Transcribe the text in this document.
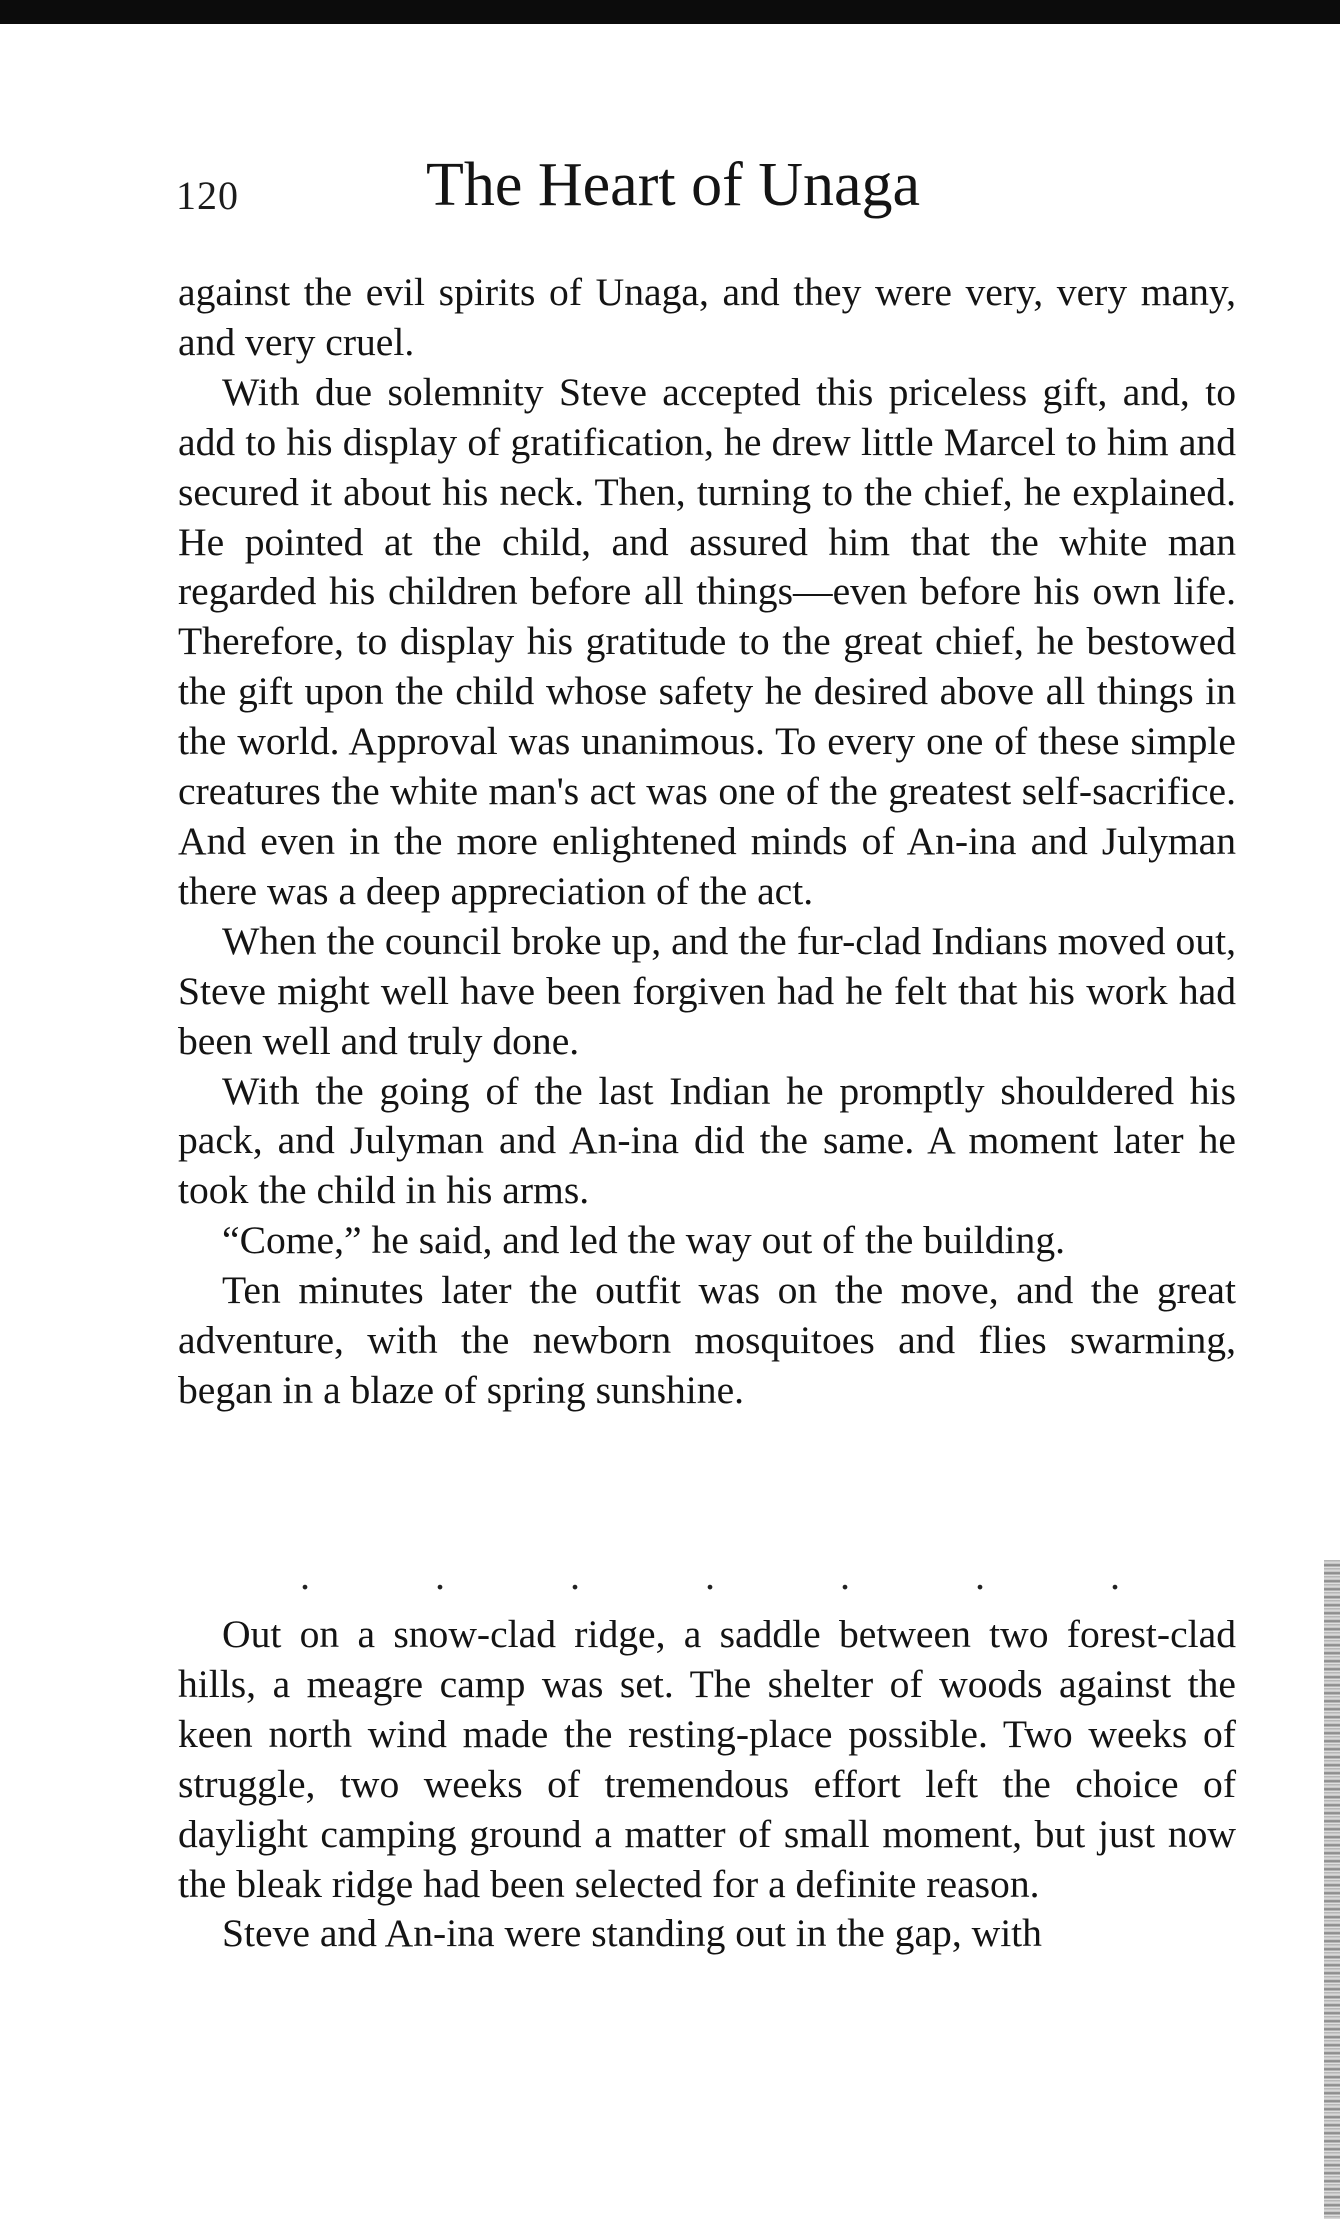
120	The Heart of Unaga

against the evil spirits of Unaga, and they were very, very many, and very cruel.

With due solemnity Steve accepted this priceless gift, and, to add to his display of gratification, he drew little Marcel to him and secured it about his neck. Then, turning to the chief, he explained. He pointed at the child, and assured him that the white man regarded his children before all things—even before his own life. Therefore, to display his gratitude to the great chief, he bestowed the gift upon the child whose safety he desired above all things in the world. Approval was unanimous. To every one of these simple creatures the white man's act was one of the greatest self-sacrifice. And even in the more enlightened minds of An-ina and Julyman there was a deep appreciation of the act.

When the council broke up, and the fur-clad Indians moved out, Steve might well have been forgiven had he felt that his work had been well and truly done.

With the going of the last Indian he promptly shouldered his pack, and Julyman and An-ina did the same. A moment later he took the child in his arms.

“Come,” he said, and led the way out of the building.

Ten minutes later the outfit was on the move, and the great adventure, with the newborn mosquitoes and flies swarming, began in a blaze of spring sunshine.

.	.	.	.	.	.	.

Out on a snow-clad ridge, a saddle between two forest-clad hills, a meagre camp was set. The shelter of woods against the keen north wind made the resting-place possible. Two weeks of struggle, two weeks of tremendous effort left the choice of daylight camping ground a matter of small moment, but just now the bleak ridge had been selected for a definite reason.

Steve and An-ina were standing out in the gap, with
